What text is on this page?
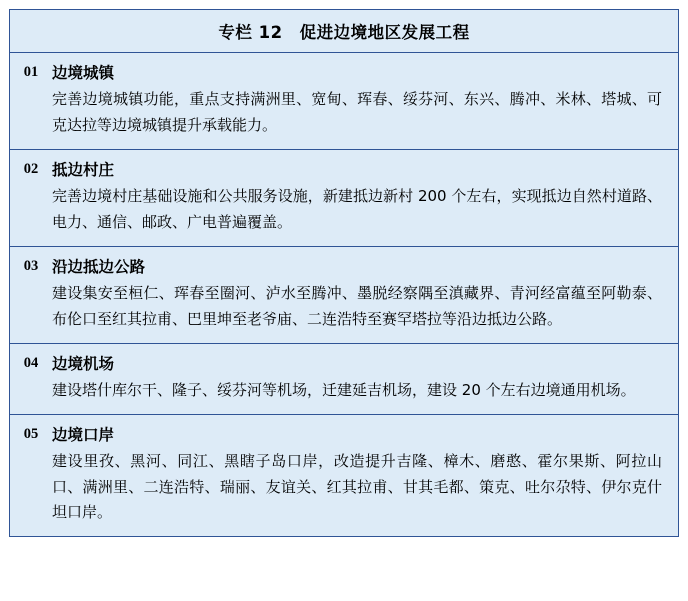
专栏 12　促进边境地区发展工程
01 边境城镇
完善边境城镇功能，重点支持满洲里、宽甸、珲春、绥芬河、东兴、腾冲、米林、塔城、可克达拉等边境城镇提升承载能力。
02 抵边村庄
完善边境村庄基础设施和公共服务设施，新建抵边新村 200 个左右，实现抵边自然村道路、电力、通信、邮政、广电普遍覆盖。
03 沿边抵边公路
建设集安至桓仁、珲春至圈河、泸水至腾冲、墨脱经察隅至滇藏界、青河经富蕴至阿勒泰、布伦口至红其拉甫、巴里坤至老爷庙、二连浩特至赛罕塔拉等沿边抵边公路。
04 边境机场
建设塔什库尔干、隆子、绥芬河等机场，迁建延吉机场，建设 20 个左右边境通用机场。
05 边境口岸
建设里孜、黑河、同江、黑瞎子岛口岸，改造提升吉隆、樟木、磨憨、霍尔果斯、阿拉山口、满洲里、二连浩特、瑞丽、友谊关、红其拉甫、甘其毛都、策克、吐尔尕特、伊尔克什坦口岸。
